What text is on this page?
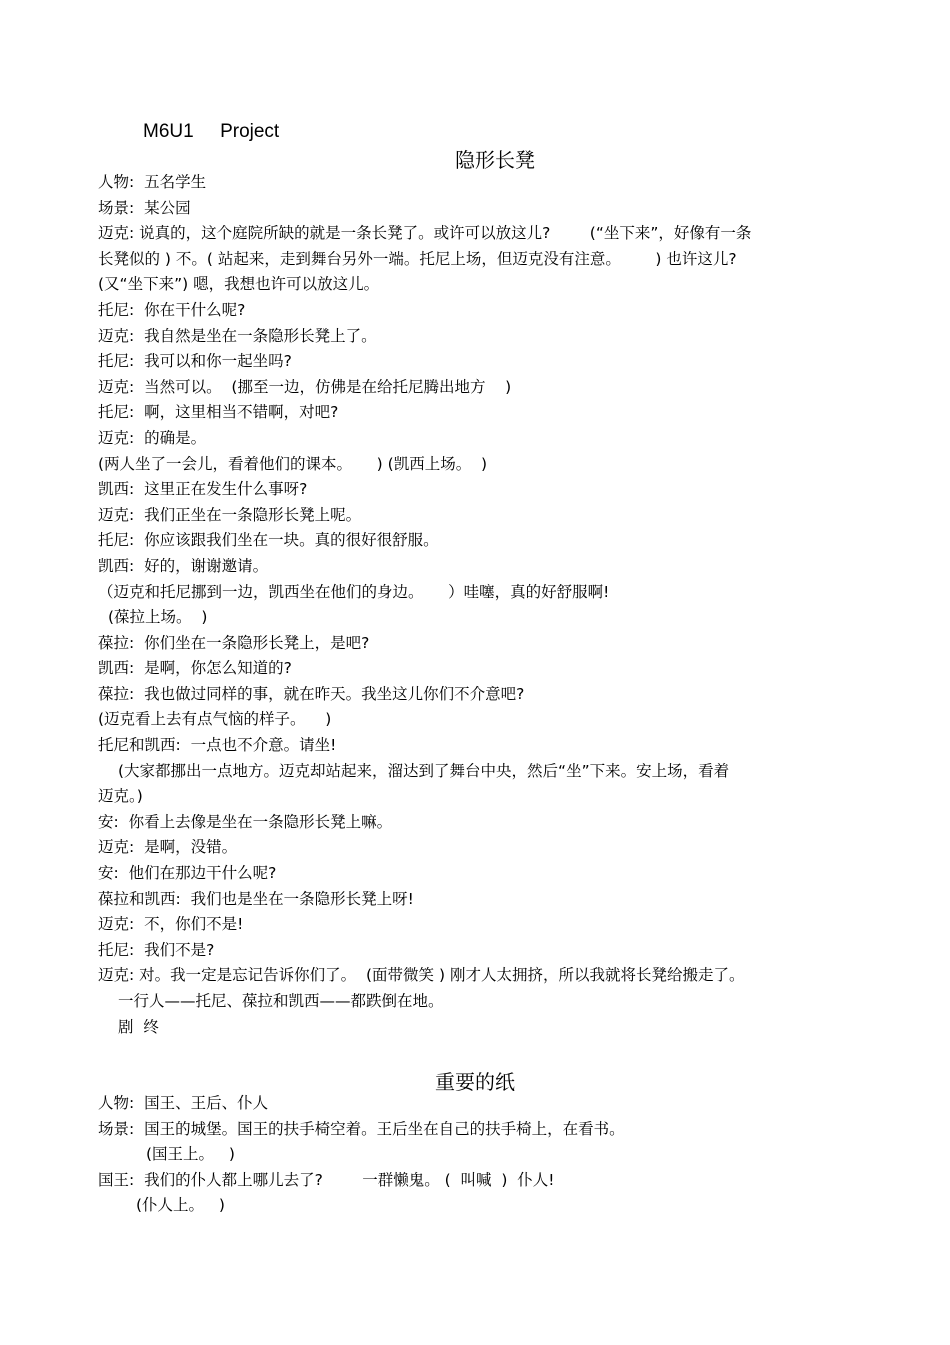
M6U1     Project
隐形长凳
人物:  五名学生
场景:  某公园
迈克: 说真的，这个庭院所缺的就是一条长凳了。或许可以放这儿?        (“坐下来”，好像有一条
长凳似的 ) 不。( 站起来，走到舞台另外一端。托尼上场，但迈克没有注意。       ) 也许这儿?
(又“坐下来”) 嗯，我想也许可以放这儿。
托尼:  你在干什么呢?
迈克:  我自然是坐在一条隐形长凳上了。
托尼:  我可以和你一起坐吗?
迈克:  当然可以。  (挪至一边，仿佛是在给托尼腾出地方    )
托尼:  啊，这里相当不错啊，对吧?
迈克:  的确是。
(两人坐了一会儿，看着他们的课本。     ) (凯西上场。  )
凯西:  这里正在发生什么事呀?
迈克:  我们正坐在一条隐形长凳上呢。
托尼:  你应该跟我们坐在一块。真的很好很舒服。
凯西:  好的，谢谢邀请。
（迈克和托尼挪到一边，凯西坐在他们的身边。     ）哇噻，真的好舒服啊!
(葆拉上场。  )
葆拉:  你们坐在一条隐形长凳上，是吧?
凯西:  是啊，你怎么知道的?
葆拉:  我也做过同样的事，就在昨天。我坐这儿你们不介意吧?
(迈克看上去有点气恼的样子。    )
托尼和凯西:  一点也不介意。请坐!
(大家都挪出一点地方。迈克却站起来，溜达到了舞台中央，然后“坐”下来。安上场，看着
迈克。)
安:  你看上去像是坐在一条隐形长凳上嘛。
迈克:  是啊，没错。
安:  他们在那边干什么呢?
葆拉和凯西:  我们也是坐在一条隐形长凳上呀!
迈克:  不，你们不是!
托尼:  我们不是?
迈克: 对。我一定是忘记告诉你们了。  (面带微笑 ) 刚才人太拥挤，所以我就将长凳给搬走了。
一行人——托尼、葆拉和凯西——都跌倒在地。
剧  终
重要的纸
人物:  国王、王后、仆人
场景:  国王的城堡。国王的扶手椅空着。王后坐在自己的扶手椅上，在看书。
(国王上。   )
国王:  我们的仆人都上哪儿去了?        一群懒鬼。 (  叫喊  )  仆人!
(仆人上。   )
